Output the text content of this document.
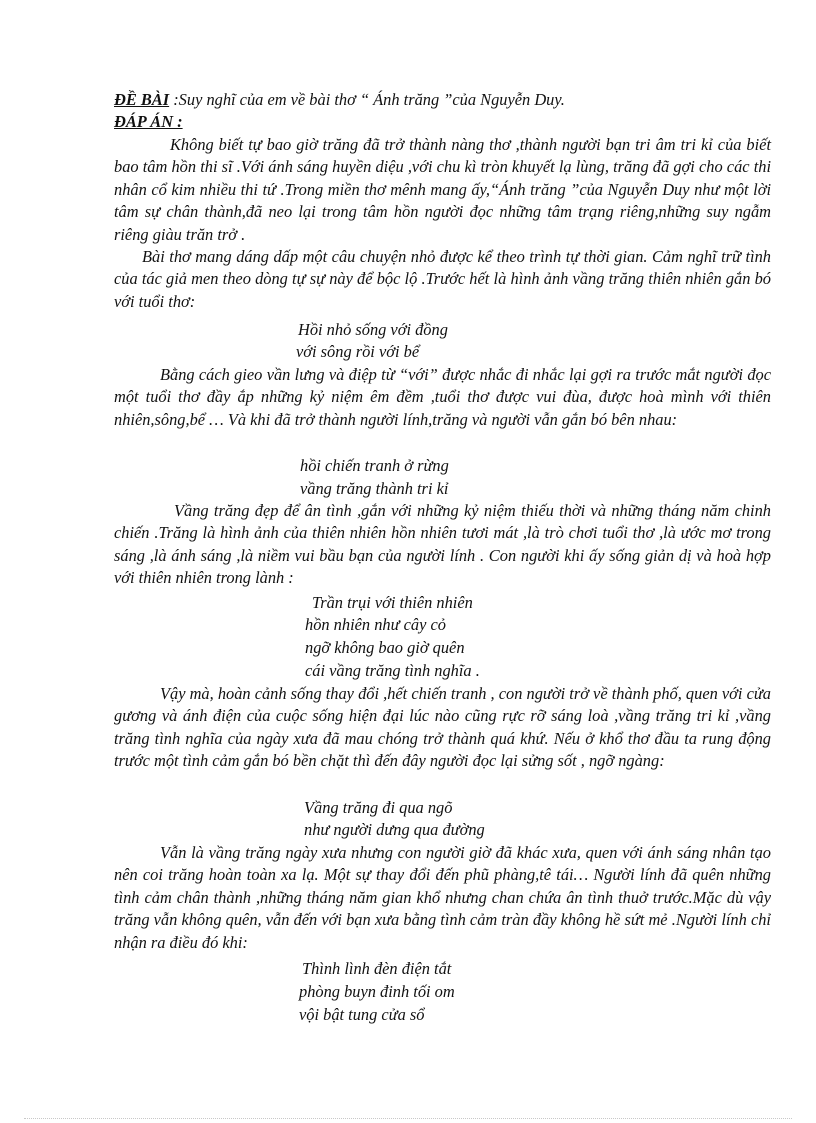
ĐỀ BÀI :Suy nghĩ của em về bài thơ “ Ánh trăng ”của Nguyễn Duy.
ĐÁP ÁN :

Không biết tự bao giờ trăng đã trở thành nàng thơ ,thành người bạn tri âm tri kỉ của biết bao tâm hồn thi sĩ .Với ánh sáng huyền diệu ,với chu kì tròn khuyết lạ lùng, trăng đã gợi cho các thi nhân cổ kim nhiều thi tứ .Trong miền thơ mênh mang ấy,“Ánh trăng ”của Nguyễn Duy như một lời tâm sự chân thành,đã neo lại trong tâm hồn người đọc những tâm trạng riêng,những suy ngẫm riêng giàu trăn trở .

Bài thơ mang dáng dấp một câu chuyện nhỏ được kể theo trình tự thời gian. Cảm nghĩ trữ tình của tác giả men theo dòng tự sự này để bộc lộ .Trước hết là hình ảnh vầng trăng thiên nhiên gắn bó với tuổi thơ:

Hồi nhỏ sống với đồng
với sông rồi với bể

Bằng cách gieo vần lưng và điệp từ “với” được nhắc đi nhắc lại gợi ra trước mắt người đọc một tuổi thơ đầy ắp những kỷ niệm êm đềm ,tuổi thơ được vui đùa, được hoà mình với thiên nhiên,sông,bể … Và khi đã trở thành người lính,trăng và người vẫn gắn bó bên nhau:

hồi chiến tranh ở rừng
vầng trăng thành tri kỉ

Vầng trăng đẹp để ân tình ,gắn với những kỷ niệm thiếu thời và những tháng năm chinh chiến .Trăng là hình ảnh của thiên nhiên hồn nhiên tươi mát ,là trò chơi tuổi thơ ,là ước mơ trong sáng ,là ánh sáng ,là niềm vui bầu bạn của người lính . Con người khi ấy sống giản dị và hoà hợp với thiên nhiên trong lành :

Trần trụi với thiên nhiên
hồn nhiên như cây cỏ
ngỡ không bao giờ quên
cái vầng trăng tình nghĩa .

Vậy mà, hoàn cảnh sống thay đổi ,hết chiến tranh , con người trở về thành phố, quen với cửa gương và ánh điện của cuộc sống hiện đại lúc nào cũng rực rỡ sáng loà ,vầng trăng tri kỉ ,vầng trăng tình nghĩa của ngày xưa đã mau chóng trở thành quá khứ. Nếu ở khổ thơ đầu ta rung động trước một tình cảm gắn bó bền chặt thì đến đây người đọc lại sửng sốt , ngỡ ngàng:

Vầng trăng đi qua ngõ
như người dưng qua đường

Vẫn là vầng trăng ngày xưa nhưng con người giờ đã khác xưa, quen với ánh sáng nhân tạo nên coi trăng hoàn toàn xa lạ. Một sự thay đổi đến phũ phàng,tê tái… Người lính đã quên những tình cảm chân thành ,những tháng năm gian khổ nhưng chan chứa ân tình thuở trước.Mặc dù vậy trăng vẫn không quên, vẫn đến với bạn xưa bằng tình cảm tràn đầy không hề sứt mẻ .Người lính chỉ nhận ra điều đó khi:

Thình lình đèn điện tắt
phòng buyn đinh tối om
vội bật tung cửa sổ
